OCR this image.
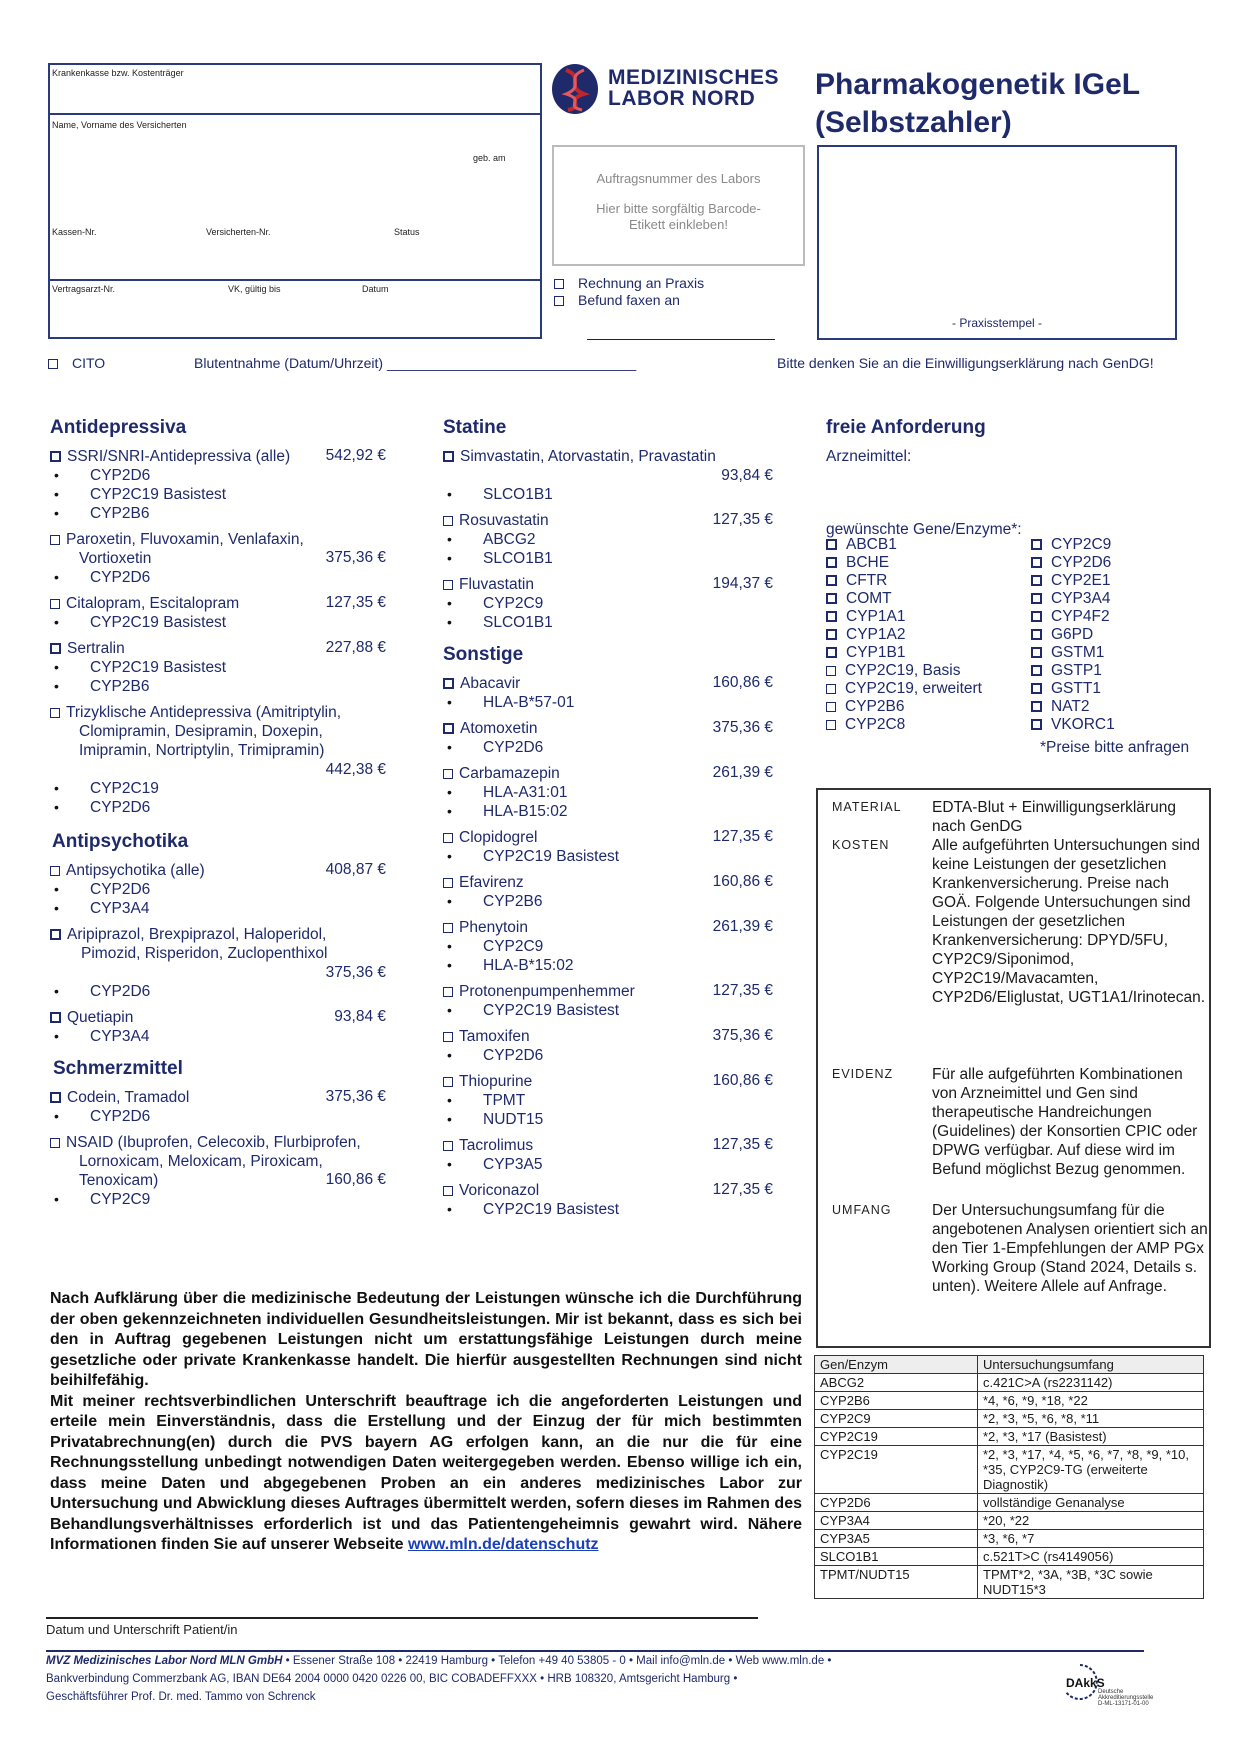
Krankenkasse bzw. Kostenträger
Name, Vorname des Versicherten
geb. am
Kassen-Nr.	Versicherten-Nr.	Status
Vertragsarzt-Nr.	VK, gültig bis	Datum
MEDIZINISCHES
LABOR NORD	Pharmakogenetik IGeL
(Selbstzahler)
Auftragsnummer des Labors
Hier bitte sorgfältig Barcode-
Etikett einkleben!
- Praxisstempel -
Rechnung an Praxis
Befund faxen an
CITO	Blutentnahme (Datum/Uhrzeit) ________________________________	Bitte denken Sie an die Einwilligungserklärung nach GenDG!
Antidepressiva
SSRI/SNRI-Antidepressiva (alle)	542,92 €
• CYP2D6
• CYP2C19 Basistest
• CYP2B6
Paroxetin, Fluvoxamin, Venlafaxin,
Vortioxetin	375,36 €
• CYP2D6
Citalopram, Escitalopram	127,35 €
• CYP2C19 Basistest
Sertralin	227,88 €
• CYP2C19 Basistest
• CYP2B6
Trizyklische Antidepressiva (Amitriptylin,
Clomipramin, Desipramin, Doxepin,
Imipramin, Nortriptylin, Trimipramin)
442,38 €
• CYP2C19
• CYP2D6
Antipsychotika
Antipsychotika (alle)	408,87 €
• CYP2D6
• CYP3A4
Aripiprazol, Brexpiprazol, Haloperidol,
Pimozid, Risperidon, Zuclopenthixol
375,36 €
• CYP2D6
Quetiapin	93,84 €
• CYP3A4
Schmerzmittel
Codein, Tramadol	375,36 €
• CYP2D6
NSAID (Ibuprofen, Celecoxib, Flurbiprofen,
Lornoxicam, Meloxicam, Piroxicam,
Tenoxicam)	160,86 €
• CYP2C9
Statine
Simvastatin, Atorvastatin, Pravastatin
93,84 €
• SLCO1B1
Rosuvastatin	127,35 €
• ABCG2
• SLCO1B1
Fluvastatin	194,37 €
• CYP2C9
• SLCO1B1
Sonstige
Abacavir	160,86 €
• HLA-B*57-01
Atomoxetin	375,36 €
• CYP2D6
Carbamazepin	261,39 €
• HLA-A31:01
• HLA-B15:02
Clopidogrel	127,35 €
• CYP2C19 Basistest
Efavirenz	160,86 €
• CYP2B6
Phenytoin	261,39 €
• CYP2C9
• HLA-B*15:02
Protonenpumpenhemmer	127,35 €
• CYP2C19 Basistest
Tamoxifen	375,36 €
• CYP2D6
Thiopurine	160,86 €
• TPMT
• NUDT15
Tacrolimus	127,35 €
• CYP3A5
Voriconazol	127,35 €
• CYP2C19 Basistest
freie Anforderung
Arzneimittel:
gewünschte Gene/Enzyme*:
ABCB1
BCHE
CFTR
COMT
CYP1A1
CYP1A2
CYP1B1
CYP2C19, Basis
CYP2C19, erweitert
CYP2B6
CYP2C8
CYP2C9
CYP2D6
CYP2E1
CYP3A4
CYP4F2
G6PD
GSTM1
GSTP1
GSTT1
NAT2
VKORC1
*Preise bitte anfragen
MATERIAL EDTA-Blut + Einwilligungserklärung nach GenDG
KOSTEN	Alle aufgeführten Untersuchungen sind keine Leistungen der gesetzlichen Krankenversicherung. Preise nach GOÄ. Folgende Untersuchungen sind Leistungen der gesetzlichen Krankenversicherung: DPYD/5FU, CYP2C9/Siponimod, CYP2C19/Mavacamten, CYP2D6/Eliglustat, UGT1A1/Irinotecan.
EVIDENZ	Für alle aufgeführten Kombinationen von Arzneimittel und Gen sind therapeutische Handreichungen (Guidelines) der Konsortien CPIC oder DPWG verfügbar. Auf diese wird im Befund möglichst Bezug genommen.
UMFANG	Der Untersuchungsumfang für die angebotenen Analysen orientiert sich an den Tier 1-Empfehlungen der AMP PGx Working Group (Stand 2024, Details s. unten). Weitere Allele auf Anfrage.
Gen/Enzym	Untersuchungsumfang
ABCG2	c.421C>A (rs2231142)
CYP2B6	*4, *6, *9, *18, *22
CYP2C9	*2, *3, *5, *6, *8, *11
CYP2C19	*2, *3, *17 (Basistest)
CYP2C19	*2, *3, *17, *4, *5, *6, *7, *8, *9, *10, *35, CYP2C9-TG (erweiterte Diagnostik)
CYP2D6	vollständige Genanalyse
CYP3A4	*20, *22
CYP3A5	*3, *6, *7
SLCO1B1	c.521T>C (rs4149056)
TPMT/NUDT15	TPMT*2, *3A, *3B, *3C sowie NUDT15*3

Nach Aufklärung über die medizinische Bedeutung der Leistungen wünsche ich die Durchführung der oben gekennzeichneten individuellen Gesundheitsleistungen. Mir ist bekannt, dass es sich bei den in Auftrag gegebenen Leistungen nicht um erstattungsfähige Leistungen durch meine gesetzliche oder private Krankenkasse handelt. Die hierfür ausgestellten Rechnungen sind nicht beihilfefähig.

Mit meiner rechtsverbindlichen Unterschrift beauftrage ich die angeforderten Leistungen und erteile mein Einverständnis, dass die Erstellung und der Einzug der für mich bestimmten Privatabrechnung(en) durch die PVS bayern AG erfolgen kann, an die nur die für eine Rechnungsstellung unbedingt notwendigen Daten weitergegeben werden. Ebenso willige ich ein, dass meine Daten und abgegebenen Proben an ein anderes medizinisches Labor zur Untersuchung und Abwicklung dieses Auftrages übermittelt werden, sofern dieses im Rahmen des Behandlungsverhältnisses erforderlich ist und das Patientengeheimnis gewahrt wird. Nähere Informationen finden Sie auf unserer Webseite www.mln.de/datenschutz

Datum und Unterschrift Patient/in
MVZ Medizinisches Labor Nord MLN GmbH • Essener Straße 108 • 22419 Hamburg • Telefon +49 40 53805 - 0 • Mail info@mln.de • Web www.mln.de •
Bankverbindung Commerzbank AG, IBAN DE64 2004 0000 0420 0226 00, BIC COBADEFFXXX • HRB 108320, Amtsgericht Hamburg •
Geschäftsführer Prof. Dr. med. Tammo von Schrenck
DAkkS
Deutsche
Akkreditierungsstelle
D-ML-13171-01-00
